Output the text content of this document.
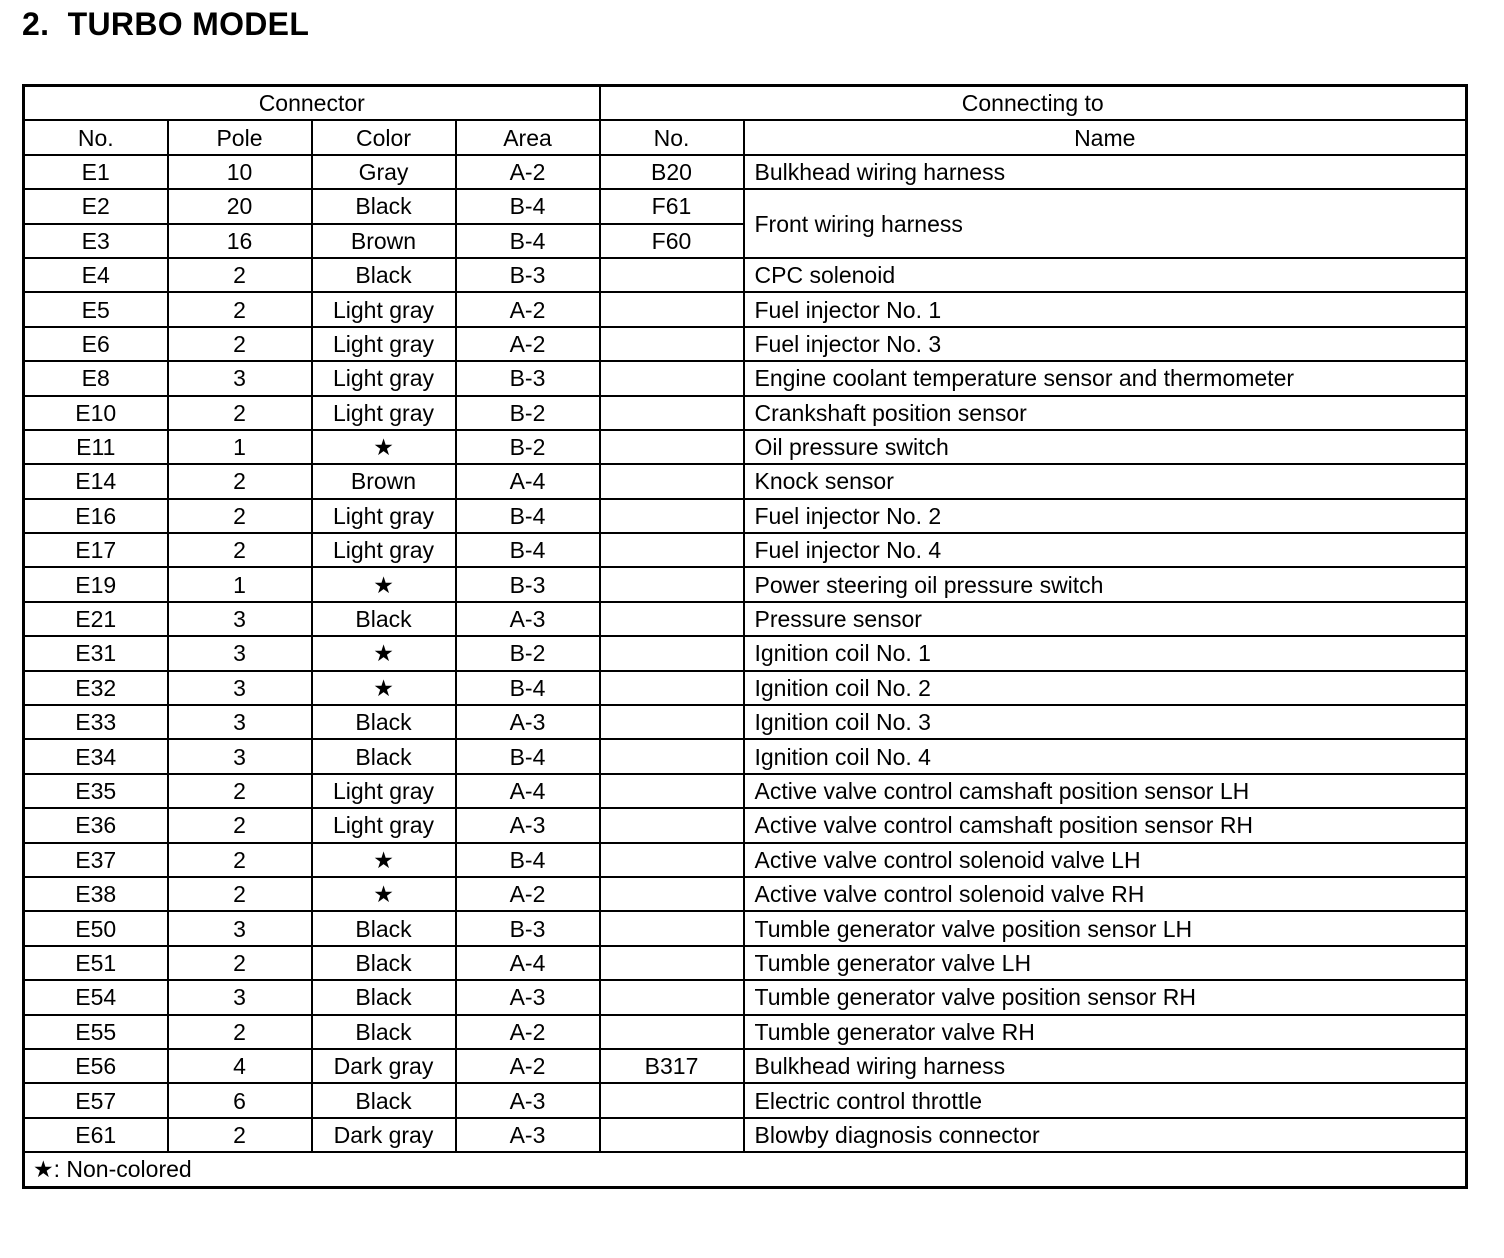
2.  TURBO MODEL
Connector				Connecting to	
No.	Pole	Color	Area	No.	Name
E1	10	Gray	A-2	B20	Bulkhead wiring harness
E2	20	Black	B-4	F61	Front wiring harness
E3	16	Brown	B-4	F60	
E4	2	Black	B-3		CPC solenoid
E5	2	Light gray	A-2		Fuel injector No. 1
E6	2	Light gray	A-2		Fuel injector No. 3
E8	3	Light gray	B-3		Engine coolant temperature sensor and thermometer
E10	2	Light gray	B-2		Crankshaft position sensor
E11	1	★	B-2		Oil pressure switch
E14	2	Brown	A-4		Knock sensor
E16	2	Light gray	B-4		Fuel injector No. 2
E17	2	Light gray	B-4		Fuel injector No. 4
E19	1	★	B-3		Power steering oil pressure switch
E21	3	Black	A-3		Pressure sensor
E31	3	★	B-2		Ignition coil No. 1
E32	3	★	B-4		Ignition coil No. 2
E33	3	Black	A-3		Ignition coil No. 3
E34	3	Black	B-4		Ignition coil No. 4
E35	2	Light gray	A-4		Active valve control camshaft position sensor LH
E36	2	Light gray	A-3		Active valve control camshaft position sensor RH
E37	2	★	B-4		Active valve control solenoid valve LH
E38	2	★	A-2		Active valve control solenoid valve RH
E50	3	Black	B-3		Tumble generator valve position sensor LH
E51	2	Black	A-4		Tumble generator valve LH
E54	3	Black	A-3		Tumble generator valve position sensor RH
E55	2	Black	A-2		Tumble generator valve RH
E56	4	Dark gray	A-2	B317	Bulkhead wiring harness
E57	6	Black	A-3		Electric control throttle
E61	2	Dark gray	A-3		Blowby diagnosis connector
★: Non-colored					
